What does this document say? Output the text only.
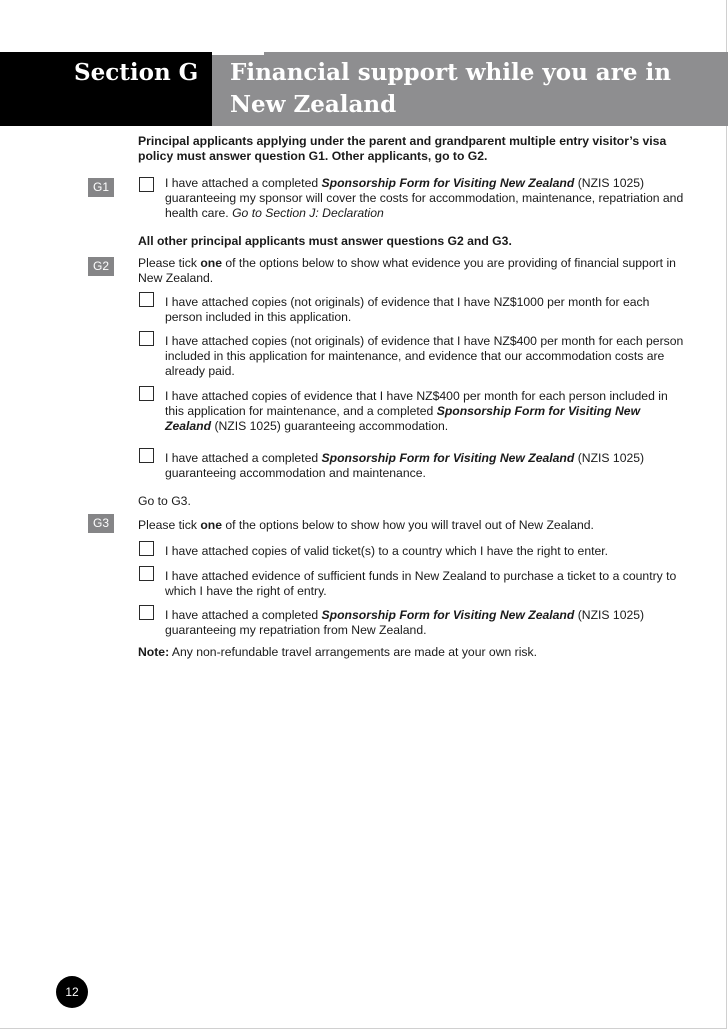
Section G Financial support while you are in New Zealand
Principal applicants applying under the parent and grandparent multiple entry visitor’s visa policy must answer question G1. Other applicants, go to G2.
G1	I have attached a completed Sponsorship Form for Visiting New Zealand (NZIS 1025) guaranteeing my sponsor will cover the costs for accommodation, maintenance, repatriation and health care. Go to Section J: Declaration
All other principal applicants must answer questions G2 and G3.
G2	Please tick one of the options below to show what evidence you are providing of financial support in New Zealand.
I have attached copies (not originals) of evidence that I have NZ$1000 per month for each person included in this application.
I have attached copies (not originals) of evidence that I have NZ$400 per month for each person included in this application for maintenance, and evidence that our accommodation costs are already paid.
I have attached copies of evidence that I have NZ$400 per month for each person included in this application for maintenance, and a completed Sponsorship Form for Visiting New Zealand (NZIS 1025) guaranteeing accommodation.
I have attached a completed Sponsorship Form for Visiting New Zealand (NZIS 1025) guaranteeing accommodation and maintenance.
Go to G3.
G3	Please tick one of the options below to show how you will travel out of New Zealand.
I have attached copies of valid ticket(s) to a country which I have the right to enter.
I have attached evidence of sufficient funds in New Zealand to purchase a ticket to a country to which I have the right of entry.
I have attached a completed Sponsorship Form for Visiting New Zealand (NZIS 1025) guaranteeing my repatriation from New Zealand.
Note: Any non-refundable travel arrangements are made at your own risk.
12
